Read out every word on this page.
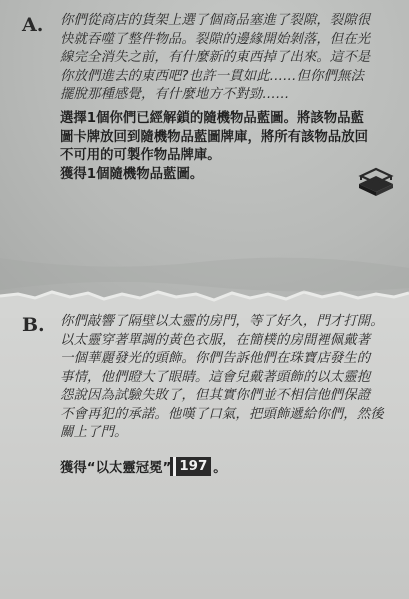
A. 你們從商店的貨架上選了個商品塞進了裂隙，裂隙很
快就吞噬了整件物品。裂隙的邊緣開始剝落，但在光
線完全消失之前，有什麼新的東西掉了出來。這不是
你放們進去的東西吧?也許一貫如此……但你們無法
擺脫那種感覺，有什麼地方不對勁……
選擇1個你們已經解鎖的隨機物品藍圖。將該物品藍
圖卡牌放回到隨機物品藍圖牌庫，將所有該物品放回
不可用的可製作物品牌庫。
獲得1個隨機物品藍圖。
B. 你們敲響了隔壁以太靈的房門，等了好久，門才打開。
以太靈穿著單調的黃色衣服，在簡樸的房間裡佩戴著
一個華麗發光的頭飾。你們告訴他們在珠寶店發生的
事情，他們瞪大了眼睛。這會兒戴著頭飾的以太靈抱
怨說因為試驗失敗了，但其實你們並不相信他們保證
不會再犯的承諾。他嘆了口氣，把頭飾遞給你們，然後
關上了門。
獲得“以太靈冠冕” 197 。
